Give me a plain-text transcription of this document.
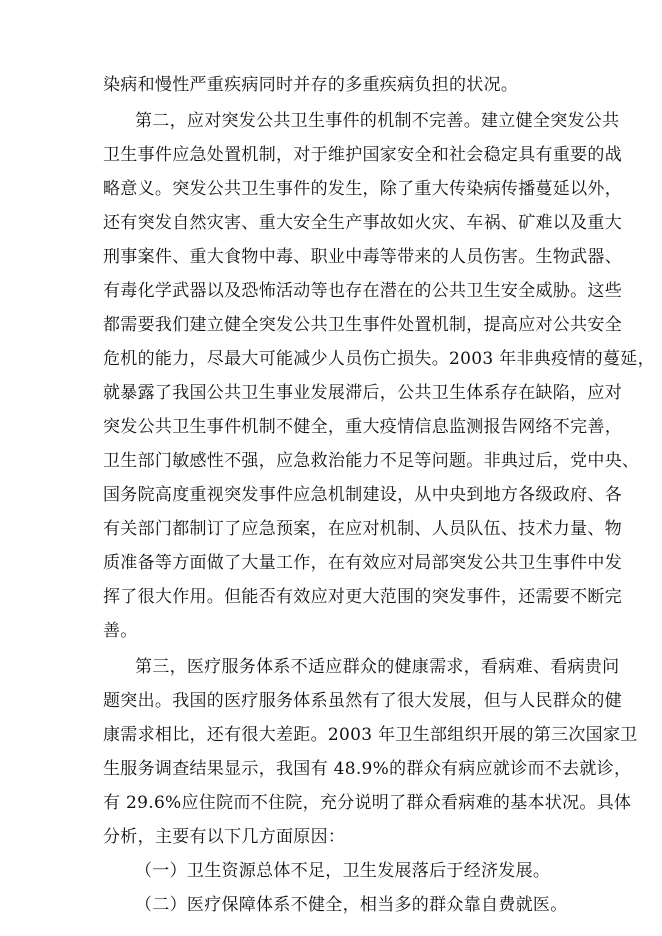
染病和慢性严重疾病同时并存的多重疾病负担的状况。
第二，应对突发公共卫生事件的机制不完善。建立健全突发公共
卫生事件应急处置机制，对于维护国家安全和社会稳定具有重要的战
略意义。突发公共卫生事件的发生，除了重大传染病传播蔓延以外，
还有突发自然灾害、重大安全生产事故如火灾、车祸、矿难以及重大
刑事案件、重大食物中毒、职业中毒等带来的人员伤害。生物武器、
有毒化学武器以及恐怖活动等也存在潜在的公共卫生安全威胁。这些
都需要我们建立健全突发公共卫生事件处置机制，提高应对公共安全
危机的能力，尽最大可能减少人员伤亡损失。2003 年非典疫情的蔓延，
就暴露了我国公共卫生事业发展滞后，公共卫生体系存在缺陷，应对
突发公共卫生事件机制不健全，重大疫情信息监测报告网络不完善，
卫生部门敏感性不强，应急救治能力不足等问题。非典过后，党中央、
国务院高度重视突发事件应急机制建设，从中央到地方各级政府、各
有关部门都制订了应急预案，在应对机制、人员队伍、技术力量、物
质准备等方面做了大量工作，在有效应对局部突发公共卫生事件中发
挥了很大作用。但能否有效应对更大范围的突发事件，还需要不断完
善。
第三，医疗服务体系不适应群众的健康需求，看病难、看病贵问
题突出。我国的医疗服务体系虽然有了很大发展，但与人民群众的健
康需求相比，还有很大差距。2003 年卫生部组织开展的第三次国家卫
生服务调查结果显示，我国有 48.9%的群众有病应就诊而不去就诊，
有 29.6%应住院而不住院，充分说明了群众看病难的基本状况。具体
分析，主要有以下几方面原因：
（一）卫生资源总体不足，卫生发展落后于经济发展。
（二）医疗保障体系不健全，相当多的群众靠自费就医。
